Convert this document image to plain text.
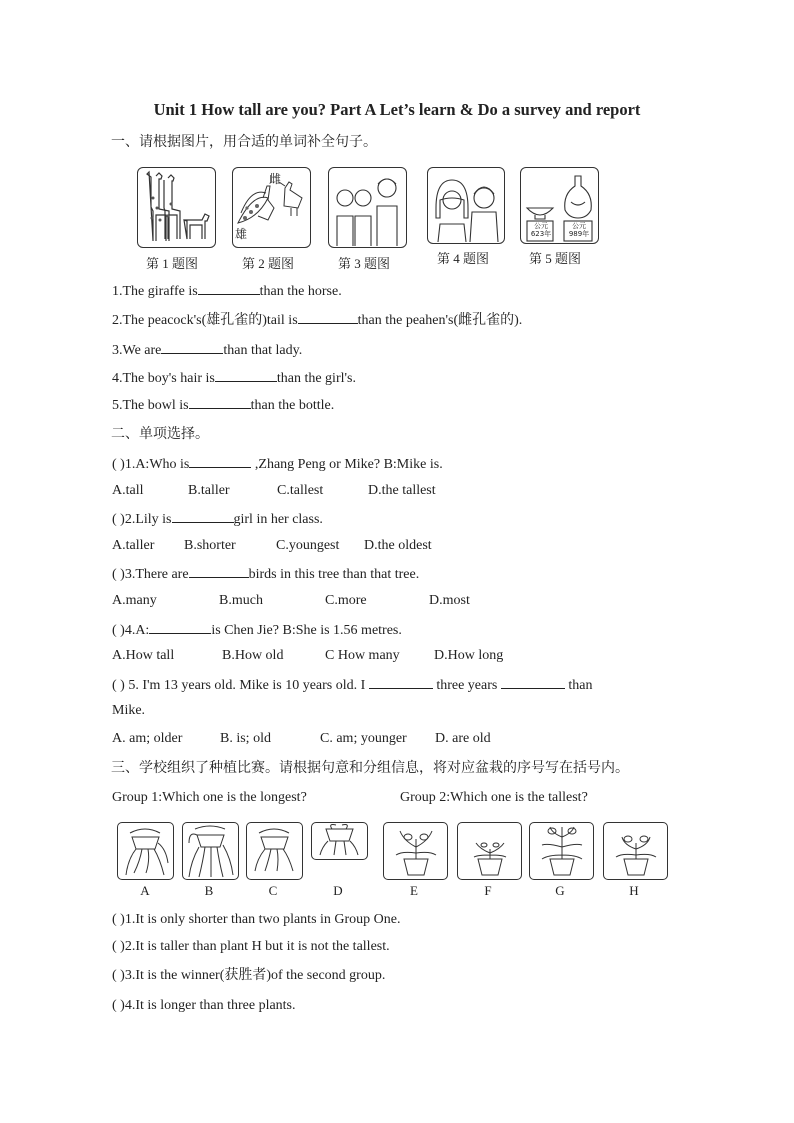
Unit 1 How tall are you? Part A Let’s learn & Do a survey and report
一、请根据图片，用合适的单词补全句子。
雌
雄
公元 623年
公元 989年
第 1 题图	第 2 题图	第 3 题图	第 4 题图	第 5 题图
1.The giraffe is	than the horse.
2.The peacock's(雄孔雀的)tail is	than the peahen's(雌孔雀的).
3.We are	than that lady.
4.The boy's hair is	than the girl's.
5.The bowl is	than the bottle.
二、单项选择。
( )1.A:Who is	,Zhang Peng or Mike? B:Mike is.
A.tall	B.taller	C.tallest	D.the tallest
( )2.Lily is	girl in her class.
A.taller B.shorter	C.youngest D.the oldest
( )3.There are	birds in this tree than that tree.
A.many	B.much	C.more	D.most
( )4.A:	is Chen Jie? B:She is 1.56 metres.
A.How tall	B.How old	C How many D.How long
( ) 5. I'm 13 years old. Mike is 10 years old. I	three years	than
Mike.
A. am; older	B. is; old	C. am; younger D. are old
三、学校组织了种植比赛。请根据句意和分组信息，将对应盆栽的序号写在括号内。
Group 1:Which one is the longest?	Group 2:Which one is the tallest?
A	B	C	D	E	F	G	H
( )1.It is only shorter than two plants in Group One.
( )2.It is taller than plant H but it is not the tallest.
( )3.It is the winner(获胜者)of the second group.
( )4.It is longer than three plants.
